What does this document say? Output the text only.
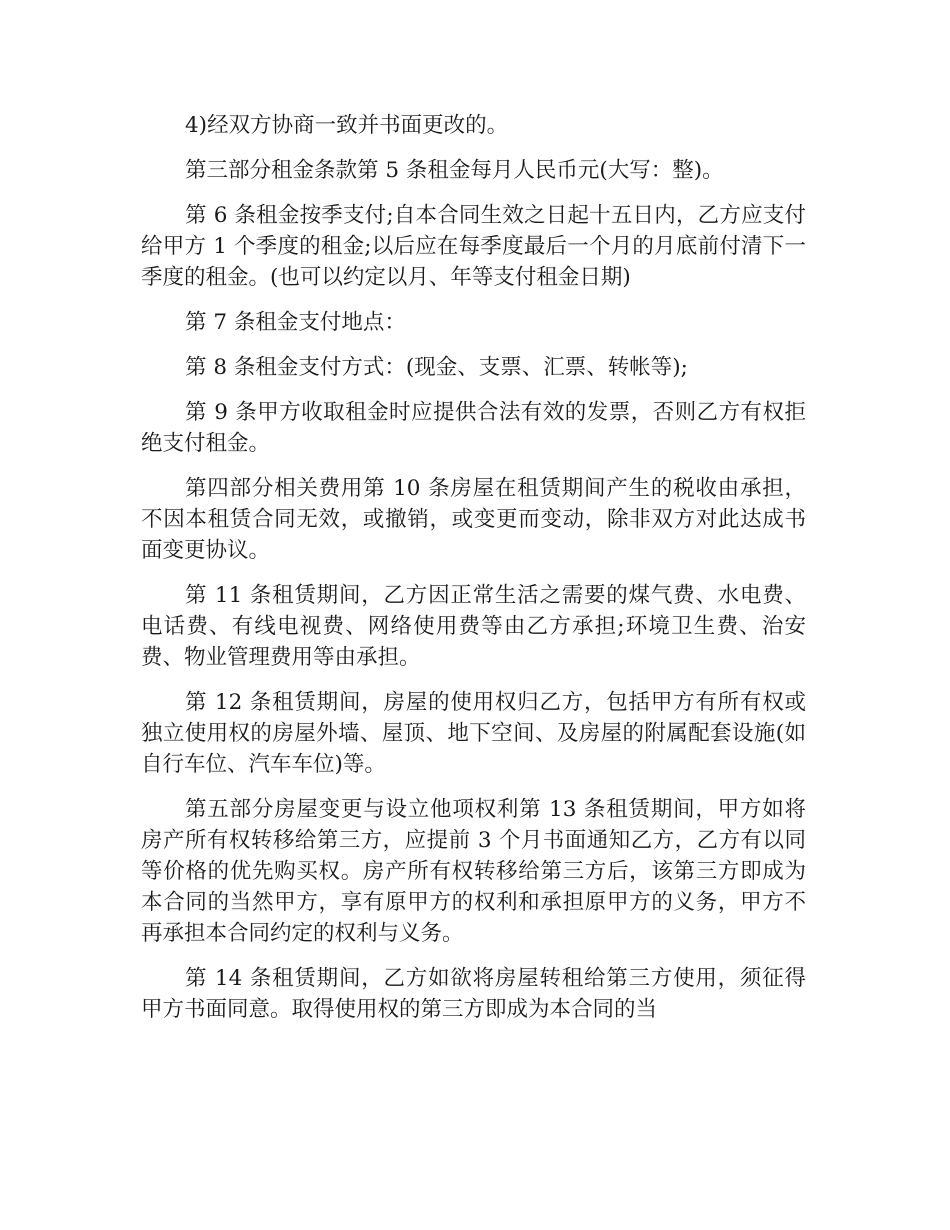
4)经双方协商一致并书面更改的。

第三部分租金条款第 5 条租金每月人民币元(大写：整)。

第 6 条租金按季支付;自本合同生效之日起十五日内，乙方应支付给甲方 1 个季度的租金;以后应在每季度最后一个月的月底前付清下一季度的租金。(也可以约定以月、年等支付租金日期)

第 7 条租金支付地点：

第 8 条租金支付方式：(现金、支票、汇票、转帐等);

第 9 条甲方收取租金时应提供合法有效的发票，否则乙方有权拒绝支付租金。

第四部分相关费用第 10 条房屋在租赁期间产生的税收由承担，不因本租赁合同无效，或撤销，或变更而变动，除非双方对此达成书面变更协议。

第 11 条租赁期间，乙方因正常生活之需要的煤气费、水电费、电话费、有线电视费、网络使用费等由乙方承担;环境卫生费、治安费、物业管理费用等由承担。

第 12 条租赁期间，房屋的使用权归乙方，包括甲方有所有权或独立使用权的房屋外墙、屋顶、地下空间、及房屋的附属配套设施(如自行车位、汽车车位)等。

第五部分房屋变更与设立他项权利第 13 条租赁期间，甲方如将房产所有权转移给第三方，应提前 3 个月书面通知乙方，乙方有以同等价格的优先购买权。房产所有权转移给第三方后，该第三方即成为本合同的当然甲方，享有原甲方的权利和承担原甲方的义务，甲方不再承担本合同约定的权利与义务。

第 14 条租赁期间，乙方如欲将房屋转租给第三方使用，须征得甲方书面同意。取得使用权的第三方即成为本合同的当
